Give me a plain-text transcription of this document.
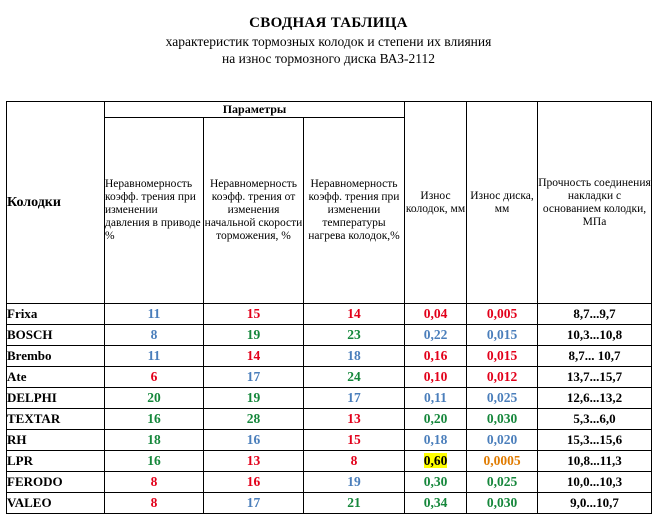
СВОДНАЯ ТАБЛИЦА
характеристик тормозных колодок и степени их влияния
на износ тормозного диска ВАЗ-2112
Колодки	Параметры			Износ колодок, мм	Износ диска, мм	Прочность соединения накладки с основанием колодки, МПа
	Неравномерность коэфф. трения при изменении давления в приводе %	Неравномерность коэфф. трения от изменения начальной скорости торможения, %	Неравномерность коэфф. трения при изменении температуры нагрева колодок,%			
Frixa	11	15	14	0,04	0,005	8,7...9,7
BOSCH	8	19	23	0,22	0,015	10,3...10,8
Brembo	11	14	18	0,16	0,015	8,7... 10,7
Ate	6	17	24	0,10	0,012	13,7...15,7
DELPHI	20	19	17	0,11	0,025	12,6...13,2
TEXTAR	16	28	13	0,20	0,030	5,3...6,0
RH	18	16	15	0,18	0,020	15,3...15,6
LPR	16	13	8	0,60	0,0005	10,8...11,3
FERODO	8	16	19	0,30	0,025	10,0...10,3
VALEO	8	17	21	0,34	0,030	9,0...10,7
